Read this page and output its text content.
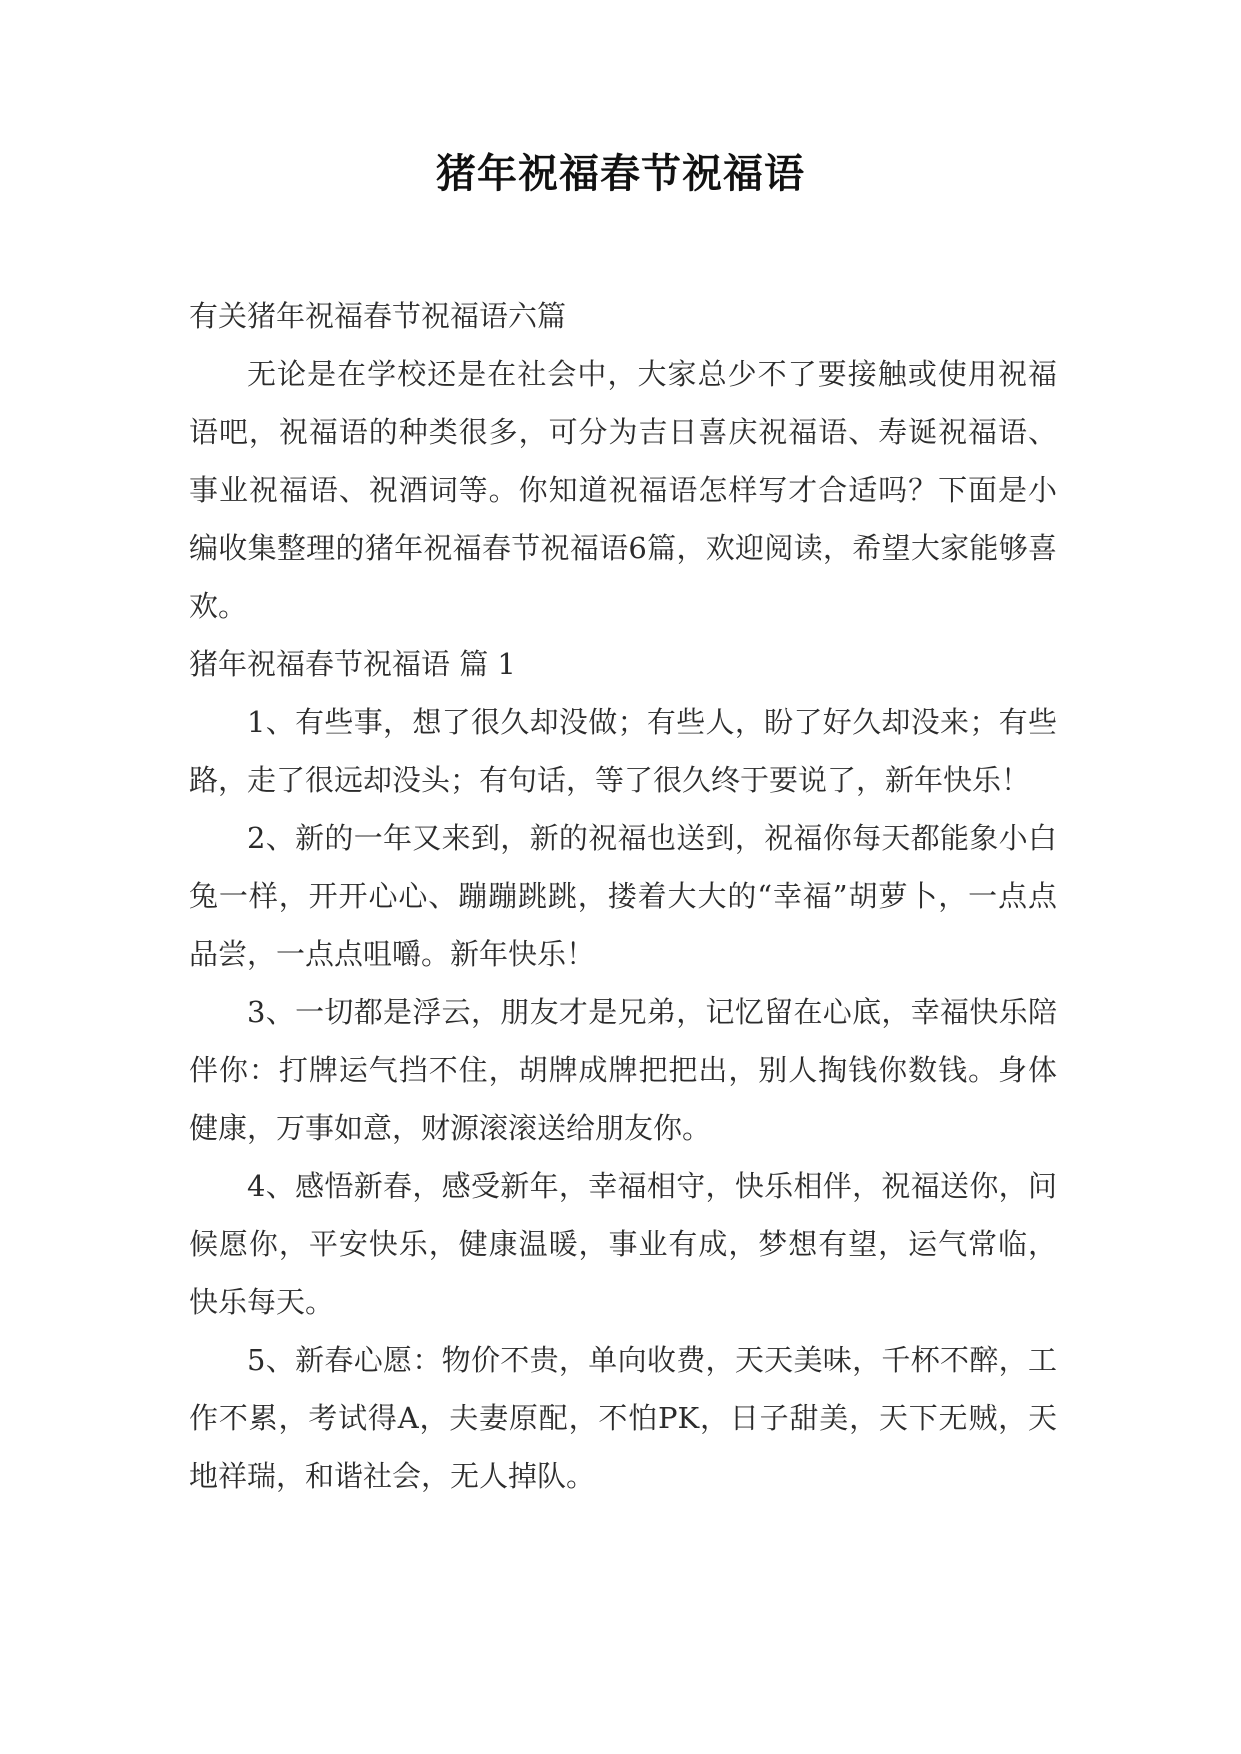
猪年祝福春节祝福语

有关猪年祝福春节祝福语六篇

无论是在学校还是在社会中，大家总少不了要接触或使用祝福语吧，祝福语的种类很多，可分为吉日喜庆祝福语、寿诞祝福语、事业祝福语、祝酒词等。你知道祝福语怎样写才合适吗？下面是小编收集整理的猪年祝福春节祝福语6篇，欢迎阅读，希望大家能够喜欢。

猪年祝福春节祝福语 篇 1

1、有些事，想了很久却没做；有些人，盼了好久却没来；有些路，走了很远却没头；有句话，等了很久终于要说了，新年快乐！

2、新的一年又来到，新的祝福也送到，祝福你每天都能象小白兔一样，开开心心、蹦蹦跳跳，搂着大大的“幸福”胡萝卜，一点点品尝，一点点咀嚼。新年快乐！

3、一切都是浮云，朋友才是兄弟，记忆留在心底，幸福快乐陪伴你：打牌运气挡不住，胡牌成牌把把出，别人掏钱你数钱。身体健康，万事如意，财源滚滚送给朋友你。

4、感悟新春，感受新年，幸福相守，快乐相伴，祝福送你，问候愿你，平安快乐，健康温暖，事业有成，梦想有望，运气常临，快乐每天。

5、新春心愿：物价不贵，单向收费，天天美味，千杯不醉，工作不累，考试得A，夫妻原配，不怕PK，日子甜美，天下无贼，天地祥瑞，和谐社会，无人掉队。
